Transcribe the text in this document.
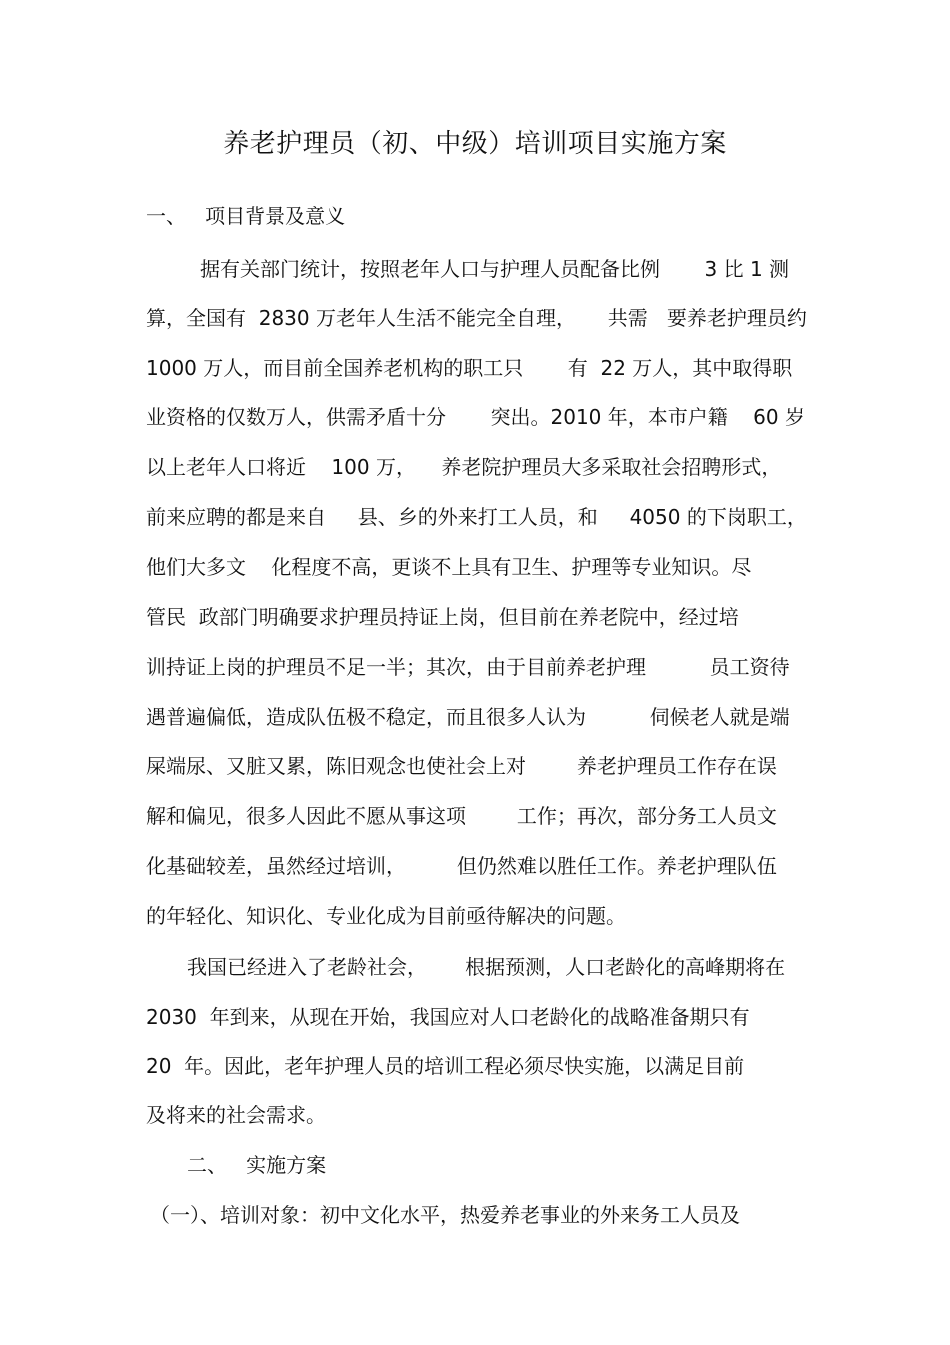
养老护理员（初、中级）培训项目实施方案
一、   项目背景及意义
据有关部门统计，按照老年人口与护理人员配备比例       3 比 1 测
算，全国有  2830 万老年人生活不能完全自理，     共需   要养老护理员约
1000 万人，而目前全国养老机构的职工只       有  22 万人，其中取得职
业资格的仅数万人，供需矛盾十分       突出。2010 年，本市户籍    60 岁
以上老年人口将近    100 万，    养老院护理员大多采取社会招聘形式，
前来应聘的都是来自     县、乡的外来打工人员，和     4050 的下岗职工，
他们大多文    化程度不高，更谈不上具有卫生、护理等专业知识。尽
管民  政部门明确要求护理员持证上岗，但目前在养老院中，经过培
训持证上岗的护理员不足一半；其次，由于目前养老护理          员工资待
遇普遍偏低，造成队伍极不稳定，而且很多人认为          伺候老人就是端
屎端尿、又脏又累，陈旧观念也使社会上对        养老护理员工作存在误
解和偏见，很多人因此不愿从事这项        工作；再次，部分务工人员文
化基础较差，虽然经过培训，        但仍然难以胜任工作。养老护理队伍
的年轻化、知识化、专业化成为目前亟待解决的问题。
我国已经进入了老龄社会，      根据预测，人口老龄化的高峰期将在
2030  年到来，从现在开始，我国应对人口老龄化的战略准备期只有
20  年。因此，老年护理人员的培训工程必须尽快实施，以满足目前
及将来的社会需求。
二、   实施方案
（一）、培训对象：初中文化水平，热爱养老事业的外来务工人员及
